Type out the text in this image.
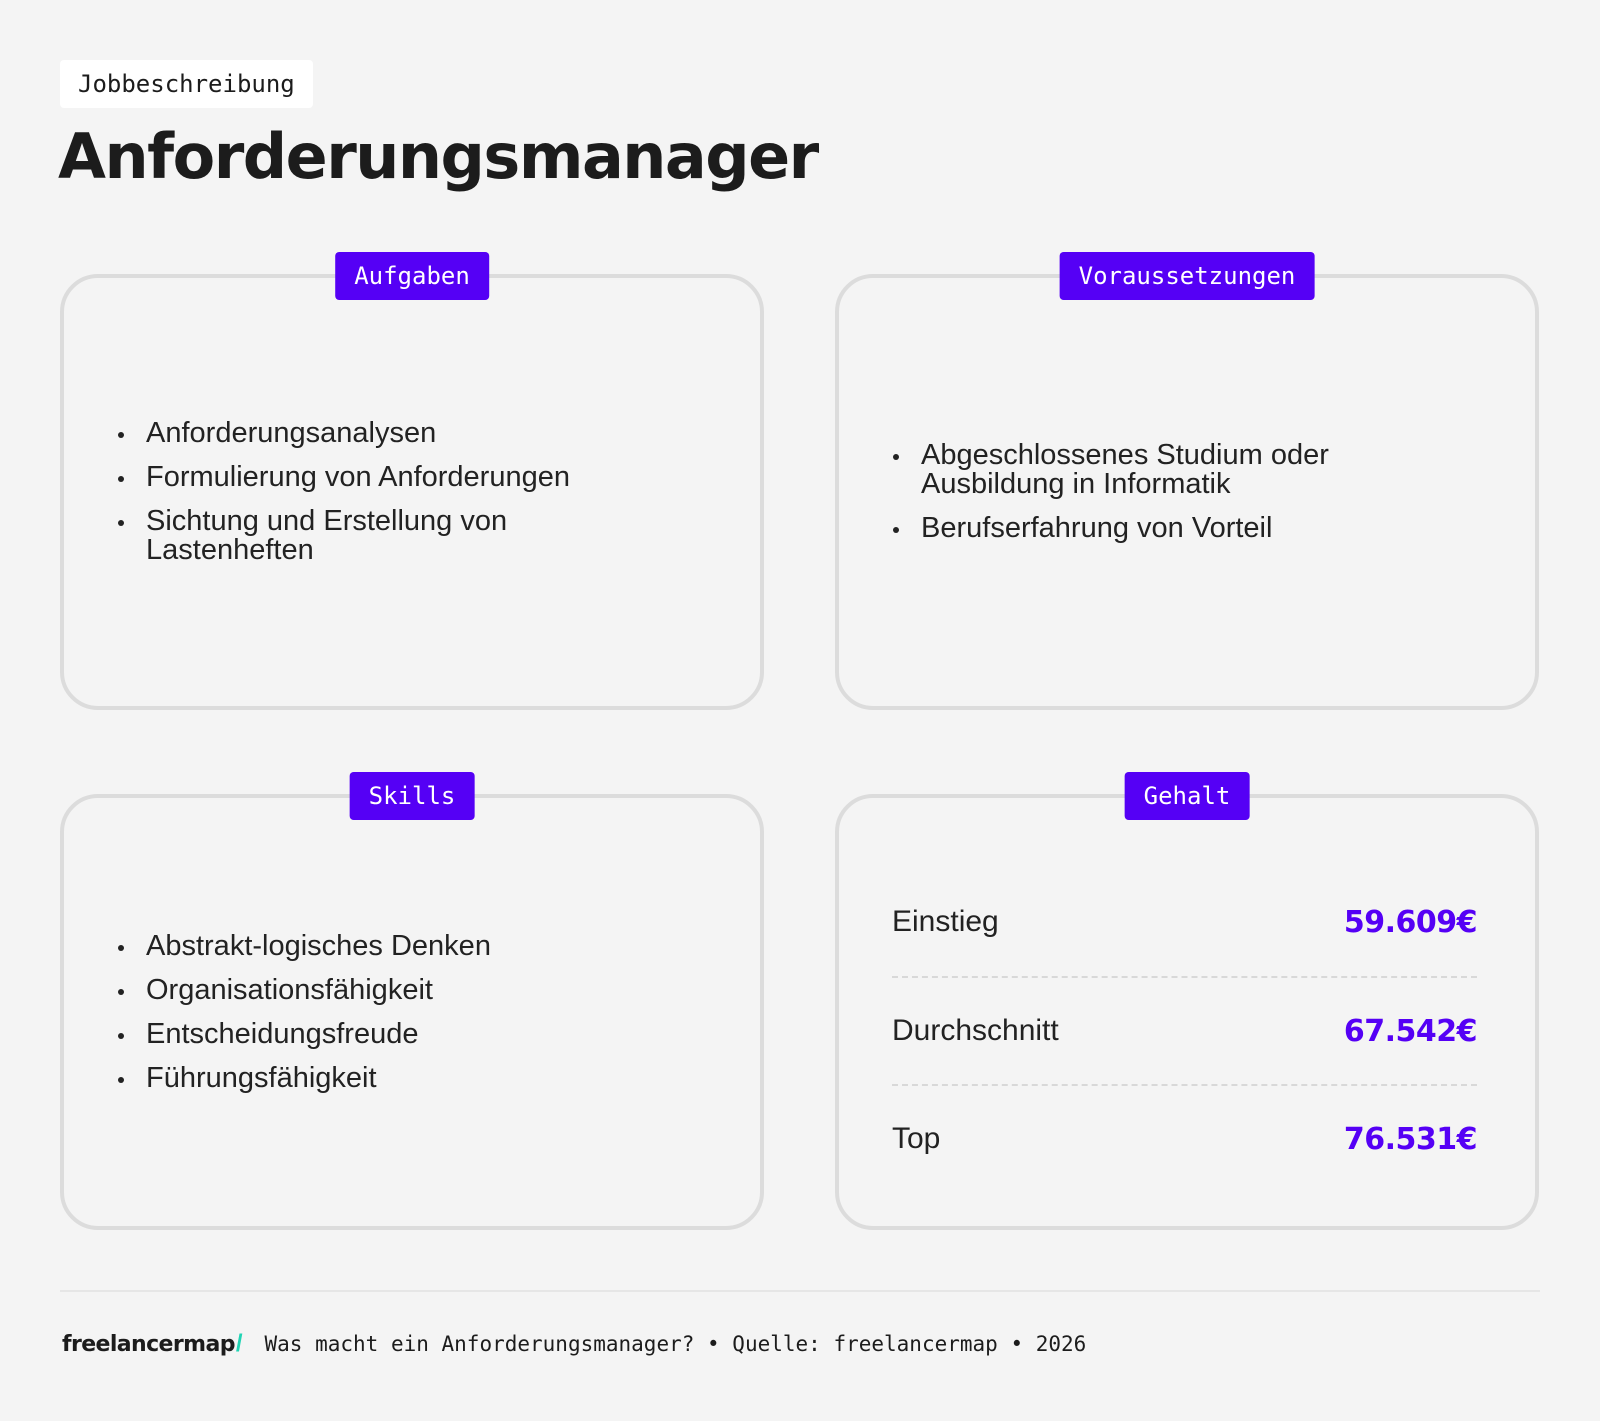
Jobbeschreibung
Anforderungsmanager
Aufgaben
Anforderungsanalysen
Formulierung von Anforderungen
Sichtung und Erstellung von Lastenheften
Voraussetzungen
Abgeschlossenes Studium oder Ausbildung in Informatik
Berufserfahrung von Vorteil
Skills
Abstrakt-logisches Denken
Organisationsfähigkeit
Entscheidungsfreude
Führungsfähigkeit
Gehalt
Einstieg	59.609€
Durchschnitt	67.542€
Top	76.531€
freelancermap/ Was macht ein Anforderungsmanager? • Quelle: freelancermap • 2026
